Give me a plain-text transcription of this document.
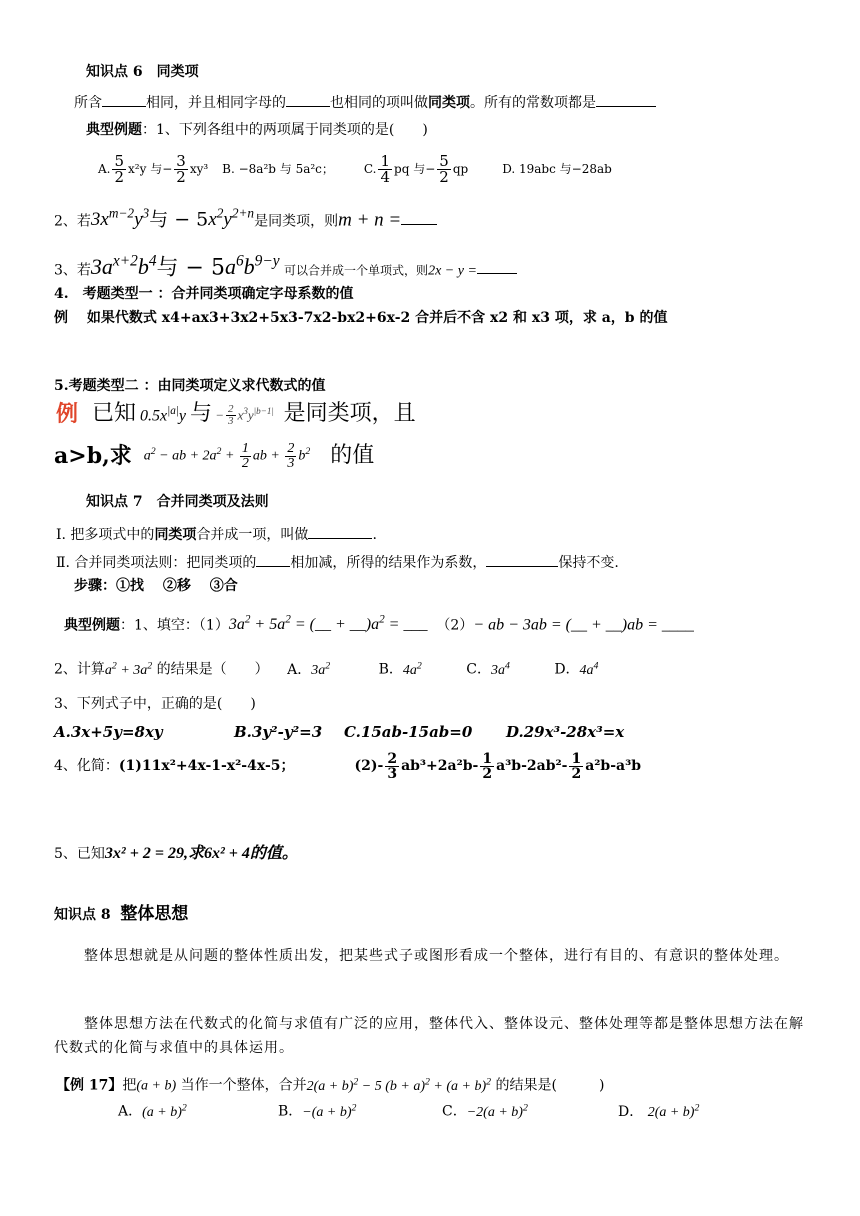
知识点 6　同类项
所含	相同，并且相同字母的	也相同的项叫做同类项。所有的常数项都是
典型例题：1、下列各组中的两项属于同类项的是(　　)
A. $\frac{5}{2} x^2y$ 与− $\frac{3}{2} xy^3$ B. −8a²b 与 5a²c；	C. $\frac{1}{4}$ pq 与− $\frac{5}{2}$ qp	D. 19abc 与−28ab
2、若$3x^{m-2}y^3$与 − $5x^2y^{2+n}$是同类项，则m + n =
3、若$3a^{x+2}b^4$与 − $5a^6b^{9-y}$ 可以合并成一个单项式，则2x − y =
4.　考题类型一 ：合并同类项确定字母系数的值
例　 如果代数式 x4+ax3+3x2+5x3-7x2-bx2+6x-2 合并后不含 x2 和 x3 项，求 a，b 的值
5.考题类型二 ：由同类项定义求代数式的值
例 已知 $0.5x^{|a|}y$ 与 − $\frac{2}{3} x^3y^{|b-1|}$ 是同类项，且
a>b,求 $a^2$ − ab + $2a^2 + \frac{1}{2}$ ab + $\frac{2}{3} b^2$ 的值
知识点 7　合并同类项及法则
Ⅰ. 把多项式中的同类项合并成一项，叫做	.
Ⅱ. 合并同类项法则：把同类项的 相加减，所得的结果作为系数，	保持不变.
步骤：①找　 ②移　 ③合
典型例题：1、填空：$(1)3a^2 + 5a^2$ = (__ + $\_\_)a^2$ = ___ （2）− ab − 3ab = (__ + __)ab = ____
2、计算$a^2 + 3a^2$ 的结果是（　　） A．$3a^2$	B．$4a^2$	C．$3a^4$	D．$4a^4$
3、下列式子中，正确的是(　　)
A.3x+5y=8xy	B.3y²-y²=3 C.15ab-15ab=0 D.29x³-28x³=x
4、化简： (1)11x²+4x-1-x²-4x-5；	$(2)- \frac{2}{3} ab^3+2a^2b- \frac{1}{2} a^3b-2ab^2- \frac{1}{2} a^2b-a^3b$
5、已知3x² + 2 = 29,求6x² + 4的值。
知识点 8 整体思想
整体思想就是从问题的整体性质出发，把某些式子或图形看成一个整体，进行有目的、有意识的整体处理。
整体思想方法在代数式的化简与求值有广泛的应用，整体代入、整体设元、整体处理等都是整体思想方法在解代数式的化简与求值中的具体运用。
【例 17】把(a + b) 当作一个整体，合并$2(a + b)^2 - 5$ $(b + a)^2 + (a + b)^2$ 的结果是(　　　)
A．$(a + b)^2$	B．$-(a + b)^2$	C．$-2(a + b)^2$	D． $2(a + b)^2$
